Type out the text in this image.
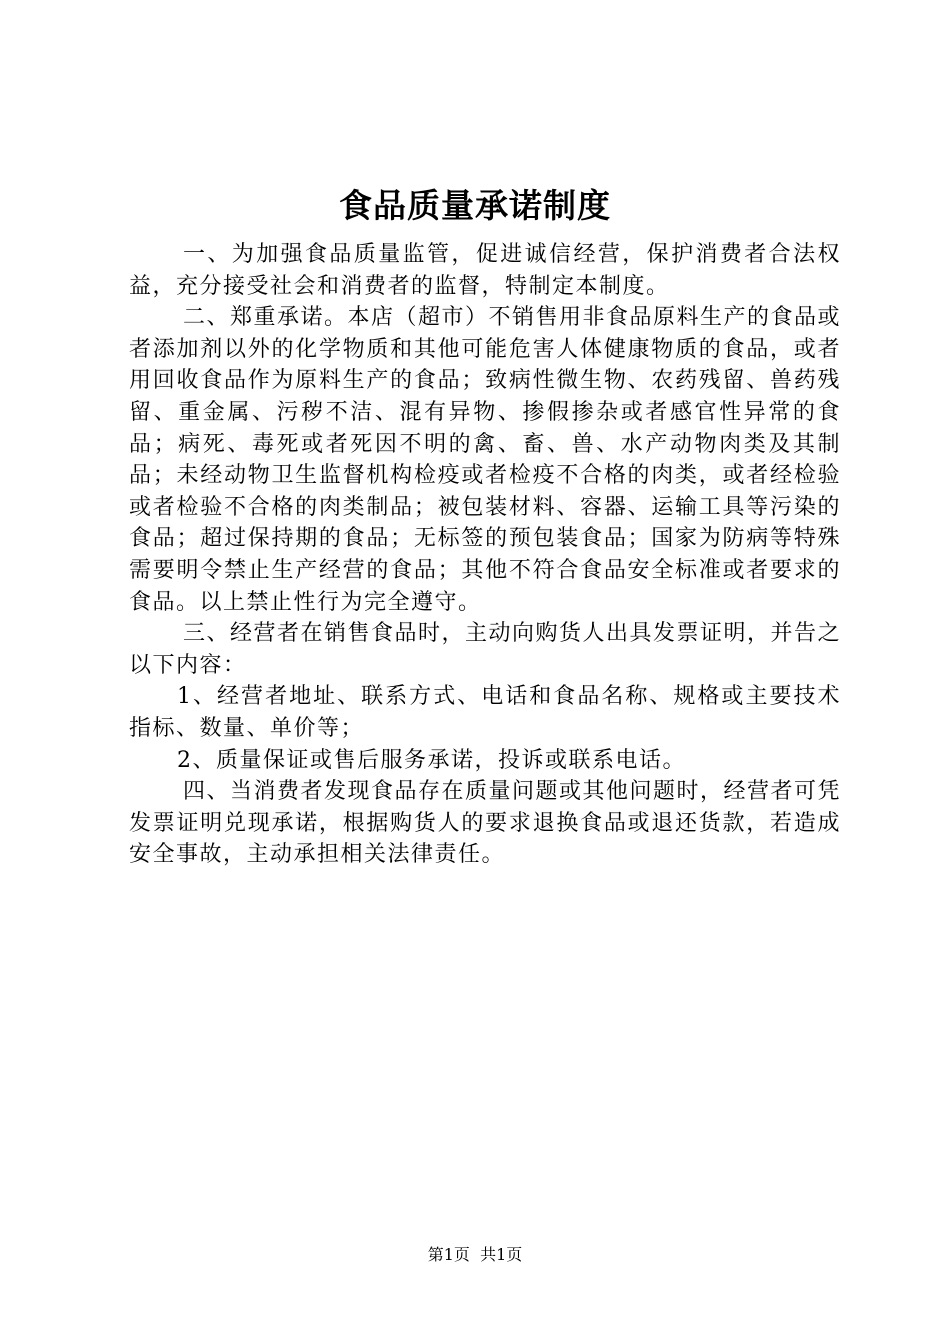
食品质量承诺制度

一、为加强食品质量监管，促进诚信经营，保护消费者合法权益，充分接受社会和消费者的监督，特制定本制度。

二、郑重承诺。本店（超市）不销售用非食品原料生产的食品或者添加剂以外的化学物质和其他可能危害人体健康物质的食品，或者用回收食品作为原料生产的食品；致病性微生物、农药残留、兽药残留、重金属、污秽不洁、混有异物、掺假掺杂或者感官性异常的食品；病死、毒死或者死因不明的禽、畜、兽、水产动物肉类及其制品；未经动物卫生监督机构检疫或者检疫不合格的肉类，或者经检验或者检验不合格的肉类制品；被包装材料、容器、运输工具等污染的食品；超过保持期的食品；无标签的预包装食品；国家为防病等特殊需要明令禁止生产经营的食品；其他不符合食品安全标准或者要求的食品。以上禁止性行为完全遵守。

三、经营者在销售食品时，主动向购货人出具发票证明，并告之以下内容：

1、经营者地址、联系方式、电话和食品名称、规格或主要技术指标、数量、单价等；

2、质量保证或售后服务承诺，投诉或联系电话。

四、当消费者发现食品存在质量问题或其他问题时，经营者可凭发票证明兑现承诺，根据购货人的要求退换食品或退还货款，若造成安全事故，主动承担相关法律责任。

第1页  共1页
